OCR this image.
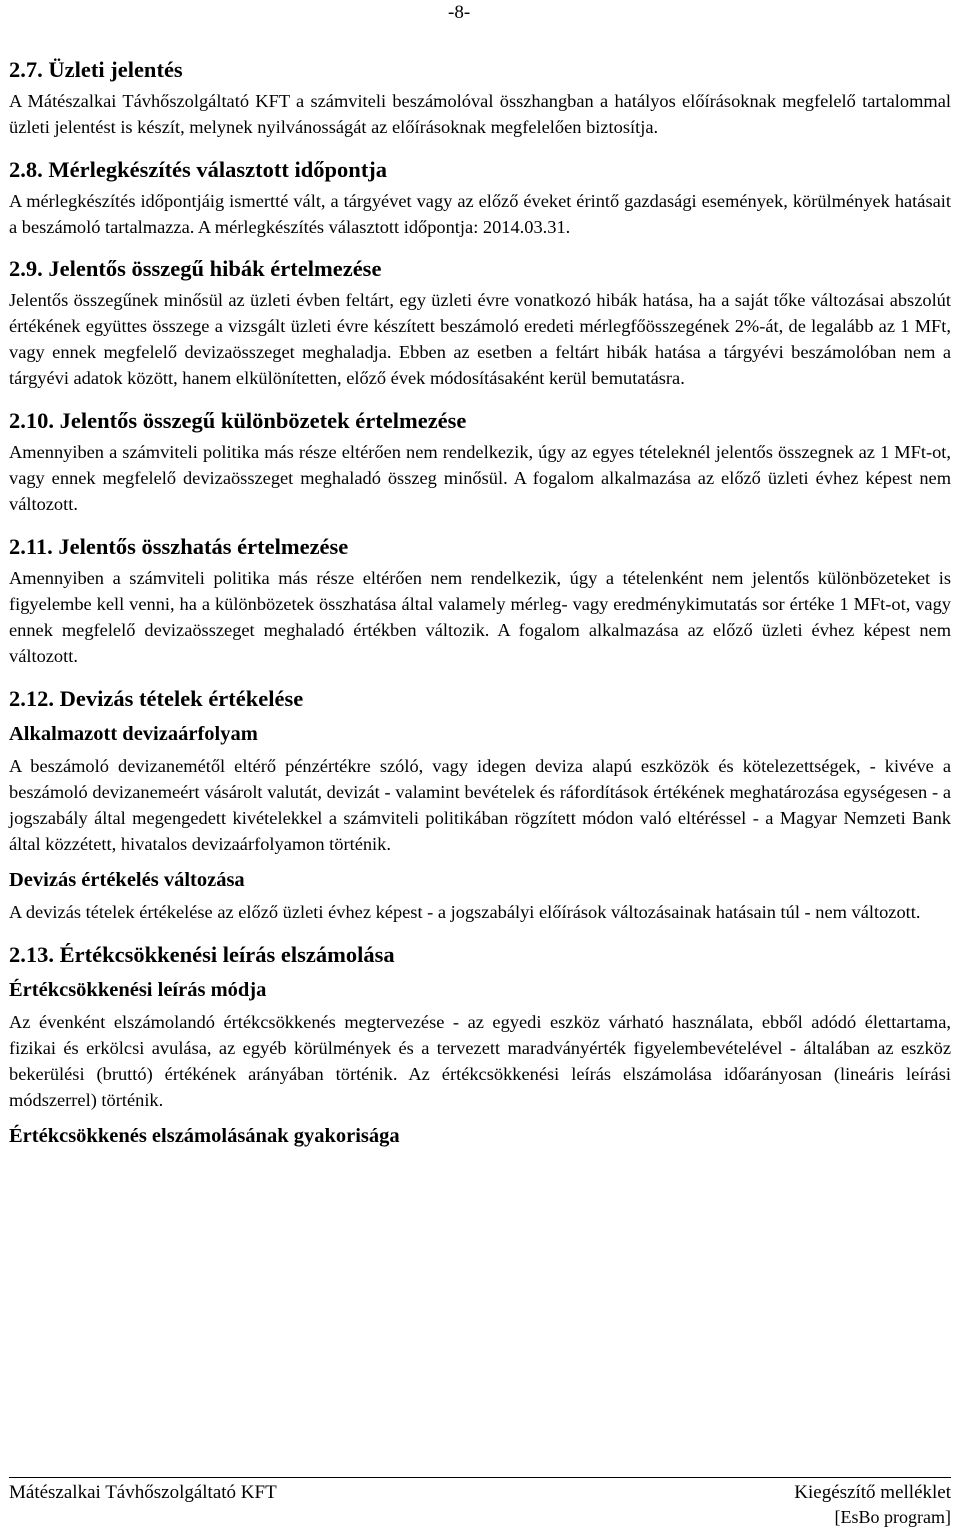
-8-
2.7. Üzleti jelentés

A Mátészalkai Távhőszolgáltató KFT a számviteli beszámolóval összhangban a hatályos előírásoknak megfelelő tartalommal üzleti jelentést is készít, melynek nyilvánosságát az előírásoknak megfelelően biztosítja.

2.8. Mérlegkészítés választott időpontja

A mérlegkészítés időpontjáig ismertté vált, a tárgyévet vagy az előző éveket érintő gazdasági események, körülmények hatásait a beszámoló tartalmazza. A mérlegkészítés választott időpontja: 2014.03.31.

2.9. Jelentős összegű hibák értelmezése

Jelentős összegűnek minősül az üzleti évben feltárt, egy üzleti évre vonatkozó hibák hatása, ha a saját tőke változásai abszolút értékének együttes összege a vizsgált üzleti évre készített beszámoló eredeti mérlegfőösszegének 2%-át, de legalább az 1 MFt, vagy ennek megfelelő devizaösszeget meghaladja. Ebben az esetben a feltárt hibák hatása a tárgyévi beszámolóban nem a tárgyévi adatok között, hanem elkülönítetten, előző évek módosításaként kerül bemutatásra.

2.10. Jelentős összegű különbözetek értelmezése

Amennyiben a számviteli politika más része eltérően nem rendelkezik, úgy az egyes tételeknél jelentős összegnek az 1 MFt-ot, vagy ennek megfelelő devizaösszeget meghaladó összeg minősül. A fogalom alkalmazása az előző üzleti évhez képest nem változott.

2.11. Jelentős összhatás értelmezése

Amennyiben a számviteli politika más része eltérően nem rendelkezik, úgy a tételenként nem jelentős különbözeteket is figyelembe kell venni, ha a különbözetek összhatása által valamely mérleg- vagy eredménykimutatás sor értéke 1 MFt-ot, vagy ennek megfelelő devizaösszeget meghaladó értékben változik. A fogalom alkalmazása az előző üzleti évhez képest nem változott.

2.12. Devizás tételek értékelése
Alkalmazott devizaárfolyam

A beszámoló devizanemétől eltérő pénzértékre szóló, vagy idegen deviza alapú eszközök és kötelezettségek, - kivéve a beszámoló devizanemeért vásárolt valutát, devizát - valamint bevételek és ráfordítások értékének meghatározása egységesen - a jogszabály által megengedett kivételekkel a számviteli politikában rögzített módon való eltéréssel - a Magyar Nemzeti Bank által közzétett, hivatalos devizaárfolyamon történik.

Devizás értékelés változása

A devizás tételek értékelése az előző üzleti évhez képest - a jogszabályi előírások változásainak hatásain túl - nem változott.

2.13. Értékcsökkenési leírás elszámolása
Értékcsökkenési leírás módja

Az évenként elszámolandó értékcsökkenés megtervezése - az egyedi eszköz várható használata, ebből adódó élettartama, fizikai és erkölcsi avulása, az egyéb körülmények és a tervezett maradványérték figyelembevételével - általában az eszköz bekerülési (bruttó) értékének arányában történik. Az értékcsökkenési leírás elszámolása időarányosan (lineáris leírási módszerrel) történik.

Értékcsökkenés elszámolásának gyakorisága
Mátészalkai Távhőszolgáltató KFT	Kiegészítő melléklet
[EsBo program]
